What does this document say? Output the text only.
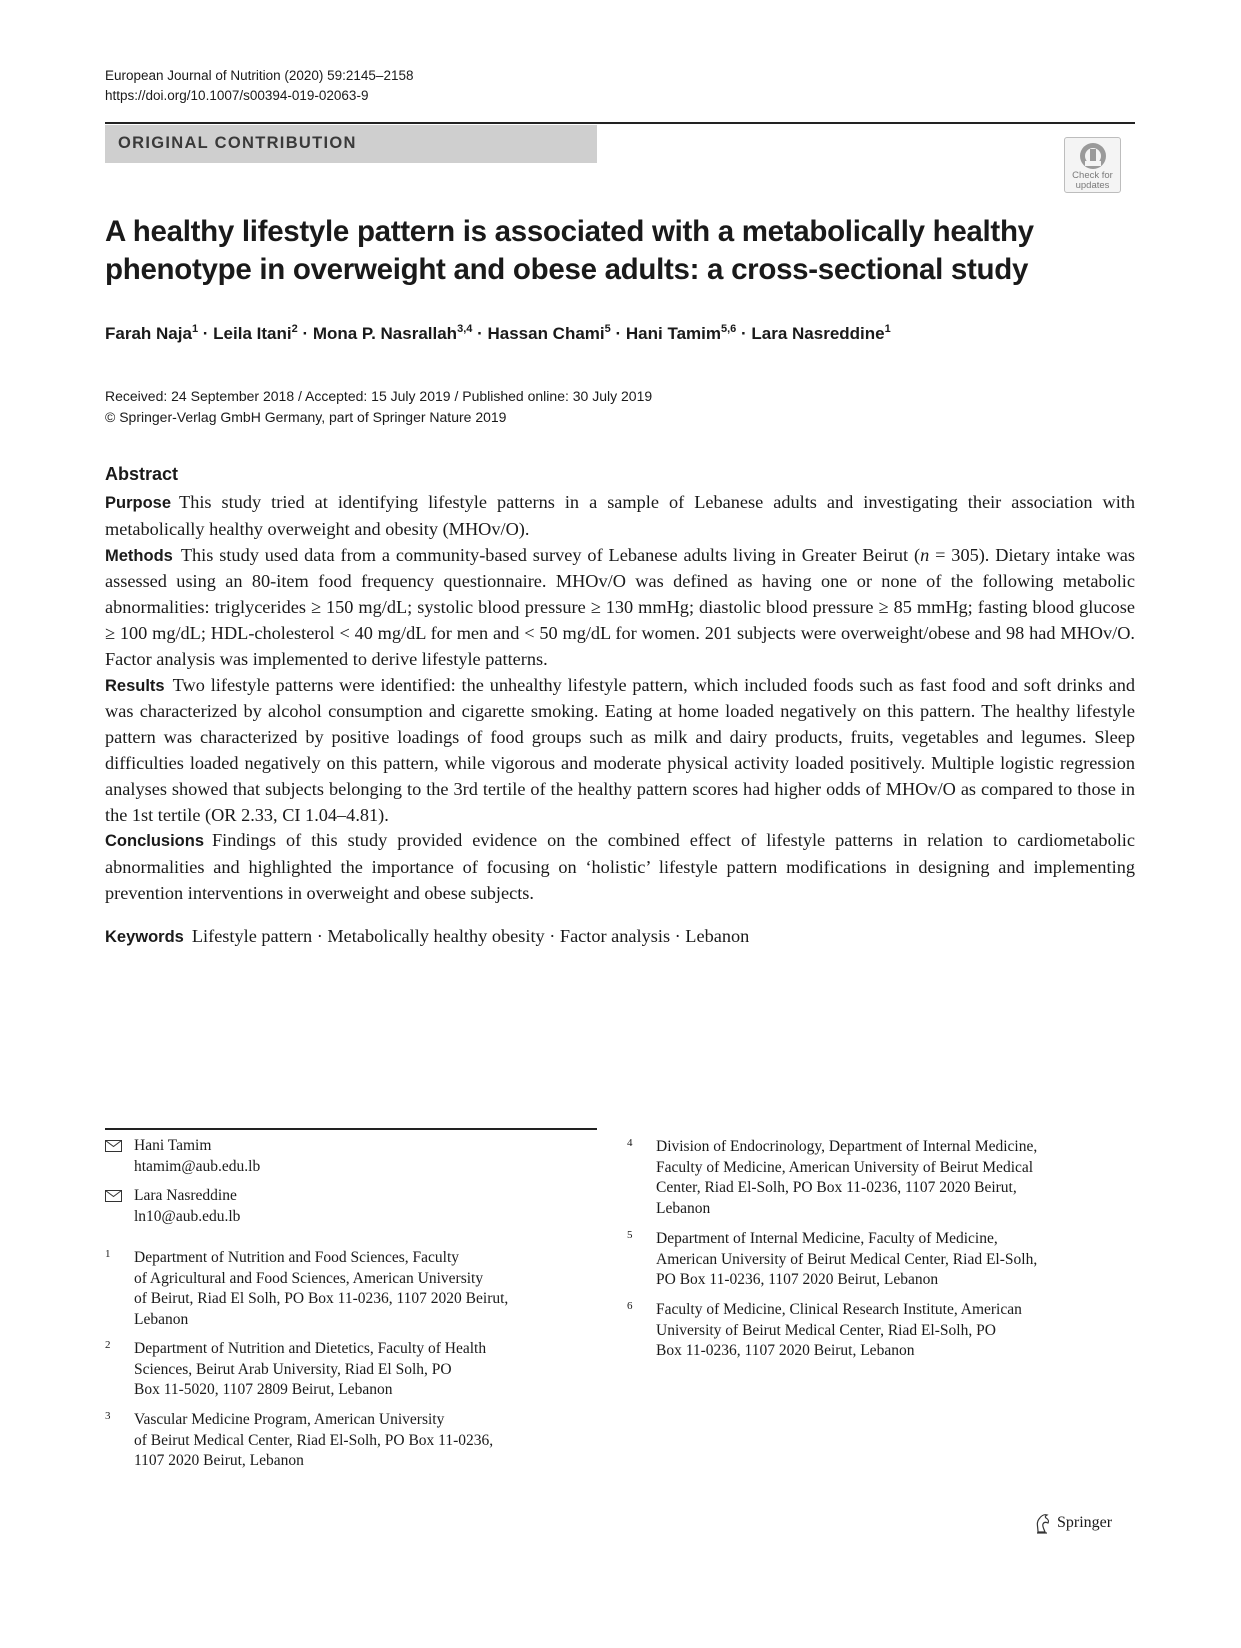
European Journal of Nutrition (2020) 59:2145–2158
https://doi.org/10.1007/s00394-019-02063-9
ORIGINAL CONTRIBUTION
Check for
updates
A healthy lifestyle pattern is associated with a metabolically healthy
phenotype in overweight and obese adults: a cross-sectional study
Farah Naja$^1$ · Leila Itani$^2$ · Mona P. Nasrallah$^{3,4}$ · Hassan Chami$^5$ · Hani Tamim$^{5,6}$ · Lara Nasreddine$^1$
Received: 24 September 2018 / Accepted: 15 July 2019 / Published online: 30 July 2019
© Springer-Verlag GmbH Germany, part of Springer Nature 2019
Abstract

Purpose This study tried at identifying lifestyle patterns in a sample of Lebanese adults and investigating their association with metabolically healthy overweight and obesity (MHOv/O).

Methods This study used data from a community-based survey of Lebanese adults living in Greater Beirut (n = 305). Dietary intake was assessed using an 80-item food frequency questionnaire. MHOv/O was defined as having one or none of the following metabolic abnormalities: triglycerides ≥ 150 mg/dL; systolic blood pressure ≥ 130 mmHg; diastolic blood pressure ≥ 85 mmHg; fasting blood glucose ≥ 100 mg/dL; HDL-cholesterol < 40 mg/dL for men and < 50 mg/dL for women. 201 subjects were overweight/obese and 98 had MHOv/O. Factor analysis was implemented to derive lifestyle patterns.

Results Two lifestyle patterns were identified: the unhealthy lifestyle pattern, which included foods such as fast food and soft drinks and was characterized by alcohol consumption and cigarette smoking. Eating at home loaded negatively on this pattern. The healthy lifestyle pattern was characterized by positive loadings of food groups such as milk and dairy products, fruits, vegetables and legumes. Sleep difficulties loaded negatively on this pattern, while vigorous and moderate physical activity loaded positively. Multiple logistic regression analyses showed that subjects belonging to the 3rd tertile of the healthy pattern scores had higher odds of MHOv/O as compared to those in the 1st tertile (OR 2.33, CI 1.04–4.81).

Conclusions Findings of this study provided evidence on the combined effect of lifestyle patterns in relation to cardiometabolic abnormalities and highlighted the importance of focusing on ‘holistic’ lifestyle pattern modifications in designing and implementing prevention interventions in overweight and obese subjects.

Keywords Lifestyle pattern · Metabolically healthy obesity · Factor analysis · Lebanon
Hani Tamim
htamim@aub.edu.lb
Lara Nasreddine
ln10@aub.edu.lb
1 Department of Nutrition and Food Sciences, Faculty
of Agricultural and Food Sciences, American University
of Beirut, Riad El Solh, PO Box 11-0236, 1107 2020 Beirut,
Lebanon
2 Department of Nutrition and Dietetics, Faculty of Health
Sciences, Beirut Arab University, Riad El Solh, PO
Box 11-5020, 1107 2809 Beirut, Lebanon
3 Vascular Medicine Program, American University
of Beirut Medical Center, Riad El-Solh, PO Box 11-0236,
1107 2020 Beirut, Lebanon
4 Division of Endocrinology, Department of Internal Medicine,
Faculty of Medicine, American University of Beirut Medical
Center, Riad El-Solh, PO Box 11-0236, 1107 2020 Beirut,
Lebanon
5 Department of Internal Medicine, Faculty of Medicine,
American University of Beirut Medical Center, Riad El-Solh,
PO Box 11-0236, 1107 2020 Beirut, Lebanon
6 Faculty of Medicine, Clinical Research Institute, American
University of Beirut Medical Center, Riad El-Solh, PO
Box 11-0236, 1107 2020 Beirut, Lebanon
Springer
